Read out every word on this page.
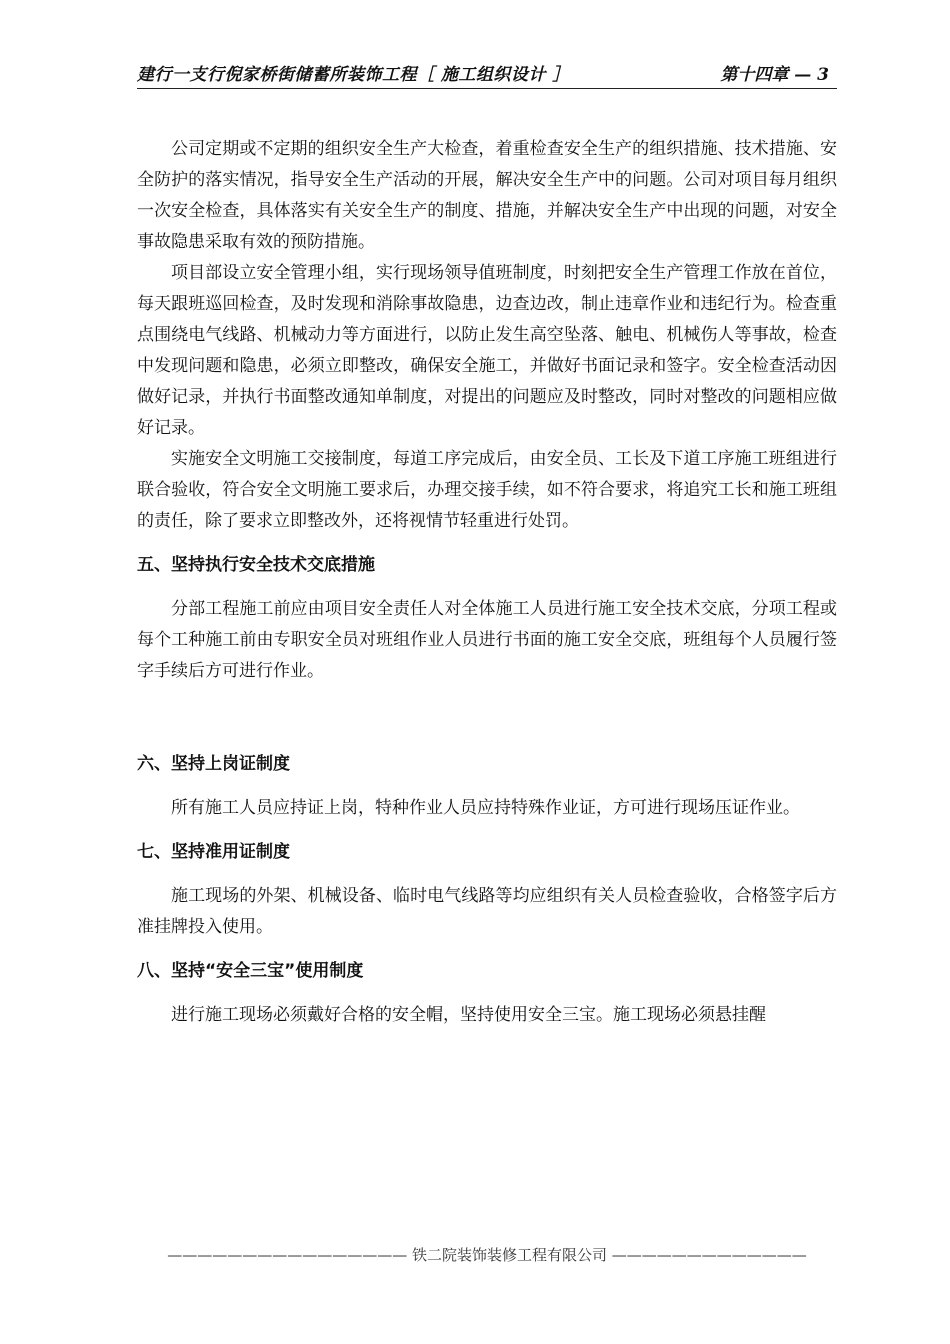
建行一支行倪家桥街储蓄所装饰工程［ 施工组织设计 ］	第十四章 — 3

公司定期或不定期的组织安全生产大检查，着重检查安全生产的组织措施、技术措施、安全防护的落实情况，指导安全生产活动的开展，解决安全生产中的问题。公司对项目每月组织一次安全检查，具体落实有关安全生产的制度、措施，并解决安全生产中出现的问题，对安全事故隐患采取有效的预防措施。

项目部设立安全管理小组，实行现场领导值班制度，时刻把安全生产管理工作放在首位，每天跟班巡回检查，及时发现和消除事故隐患，边查边改，制止违章作业和违纪行为。检查重点围绕电气线路、机械动力等方面进行，以防止发生高空坠落、触电、机械伤人等事故，检查中发现问题和隐患，必须立即整改，确保安全施工，并做好书面记录和签字。安全检查活动因做好记录，并执行书面整改通知单制度，对提出的问题应及时整改，同时对整改的问题相应做好记录。

实施安全文明施工交接制度，每道工序完成后，由安全员、工长及下道工序施工班组进行联合验收，符合安全文明施工要求后，办理交接手续，如不符合要求，将追究工长和施工班组的责任，除了要求立即整改外，还将视情节轻重进行处罚。

五、坚持执行安全技术交底措施

分部工程施工前应由项目安全责任人对全体施工人员进行施工安全技术交底，分项工程或每个工种施工前由专职安全员对班组作业人员进行书面的施工安全交底，班组每个人员履行签字手续后方可进行作业。

六、坚持上岗证制度

所有施工人员应持证上岗，特种作业人员应持特殊作业证，方可进行现场压证作业。

七、坚持准用证制度

施工现场的外架、机械设备、临时电气线路等均应组织有关人员检查验收，合格签字后方准挂牌投入使用。

八、坚持“安全三宝”使用制度

进行施工现场必须戴好合格的安全帽，坚持使用安全三宝。施工现场必须悬挂醒

———————————————— 铁二院装饰装修工程有限公司 —————————————
